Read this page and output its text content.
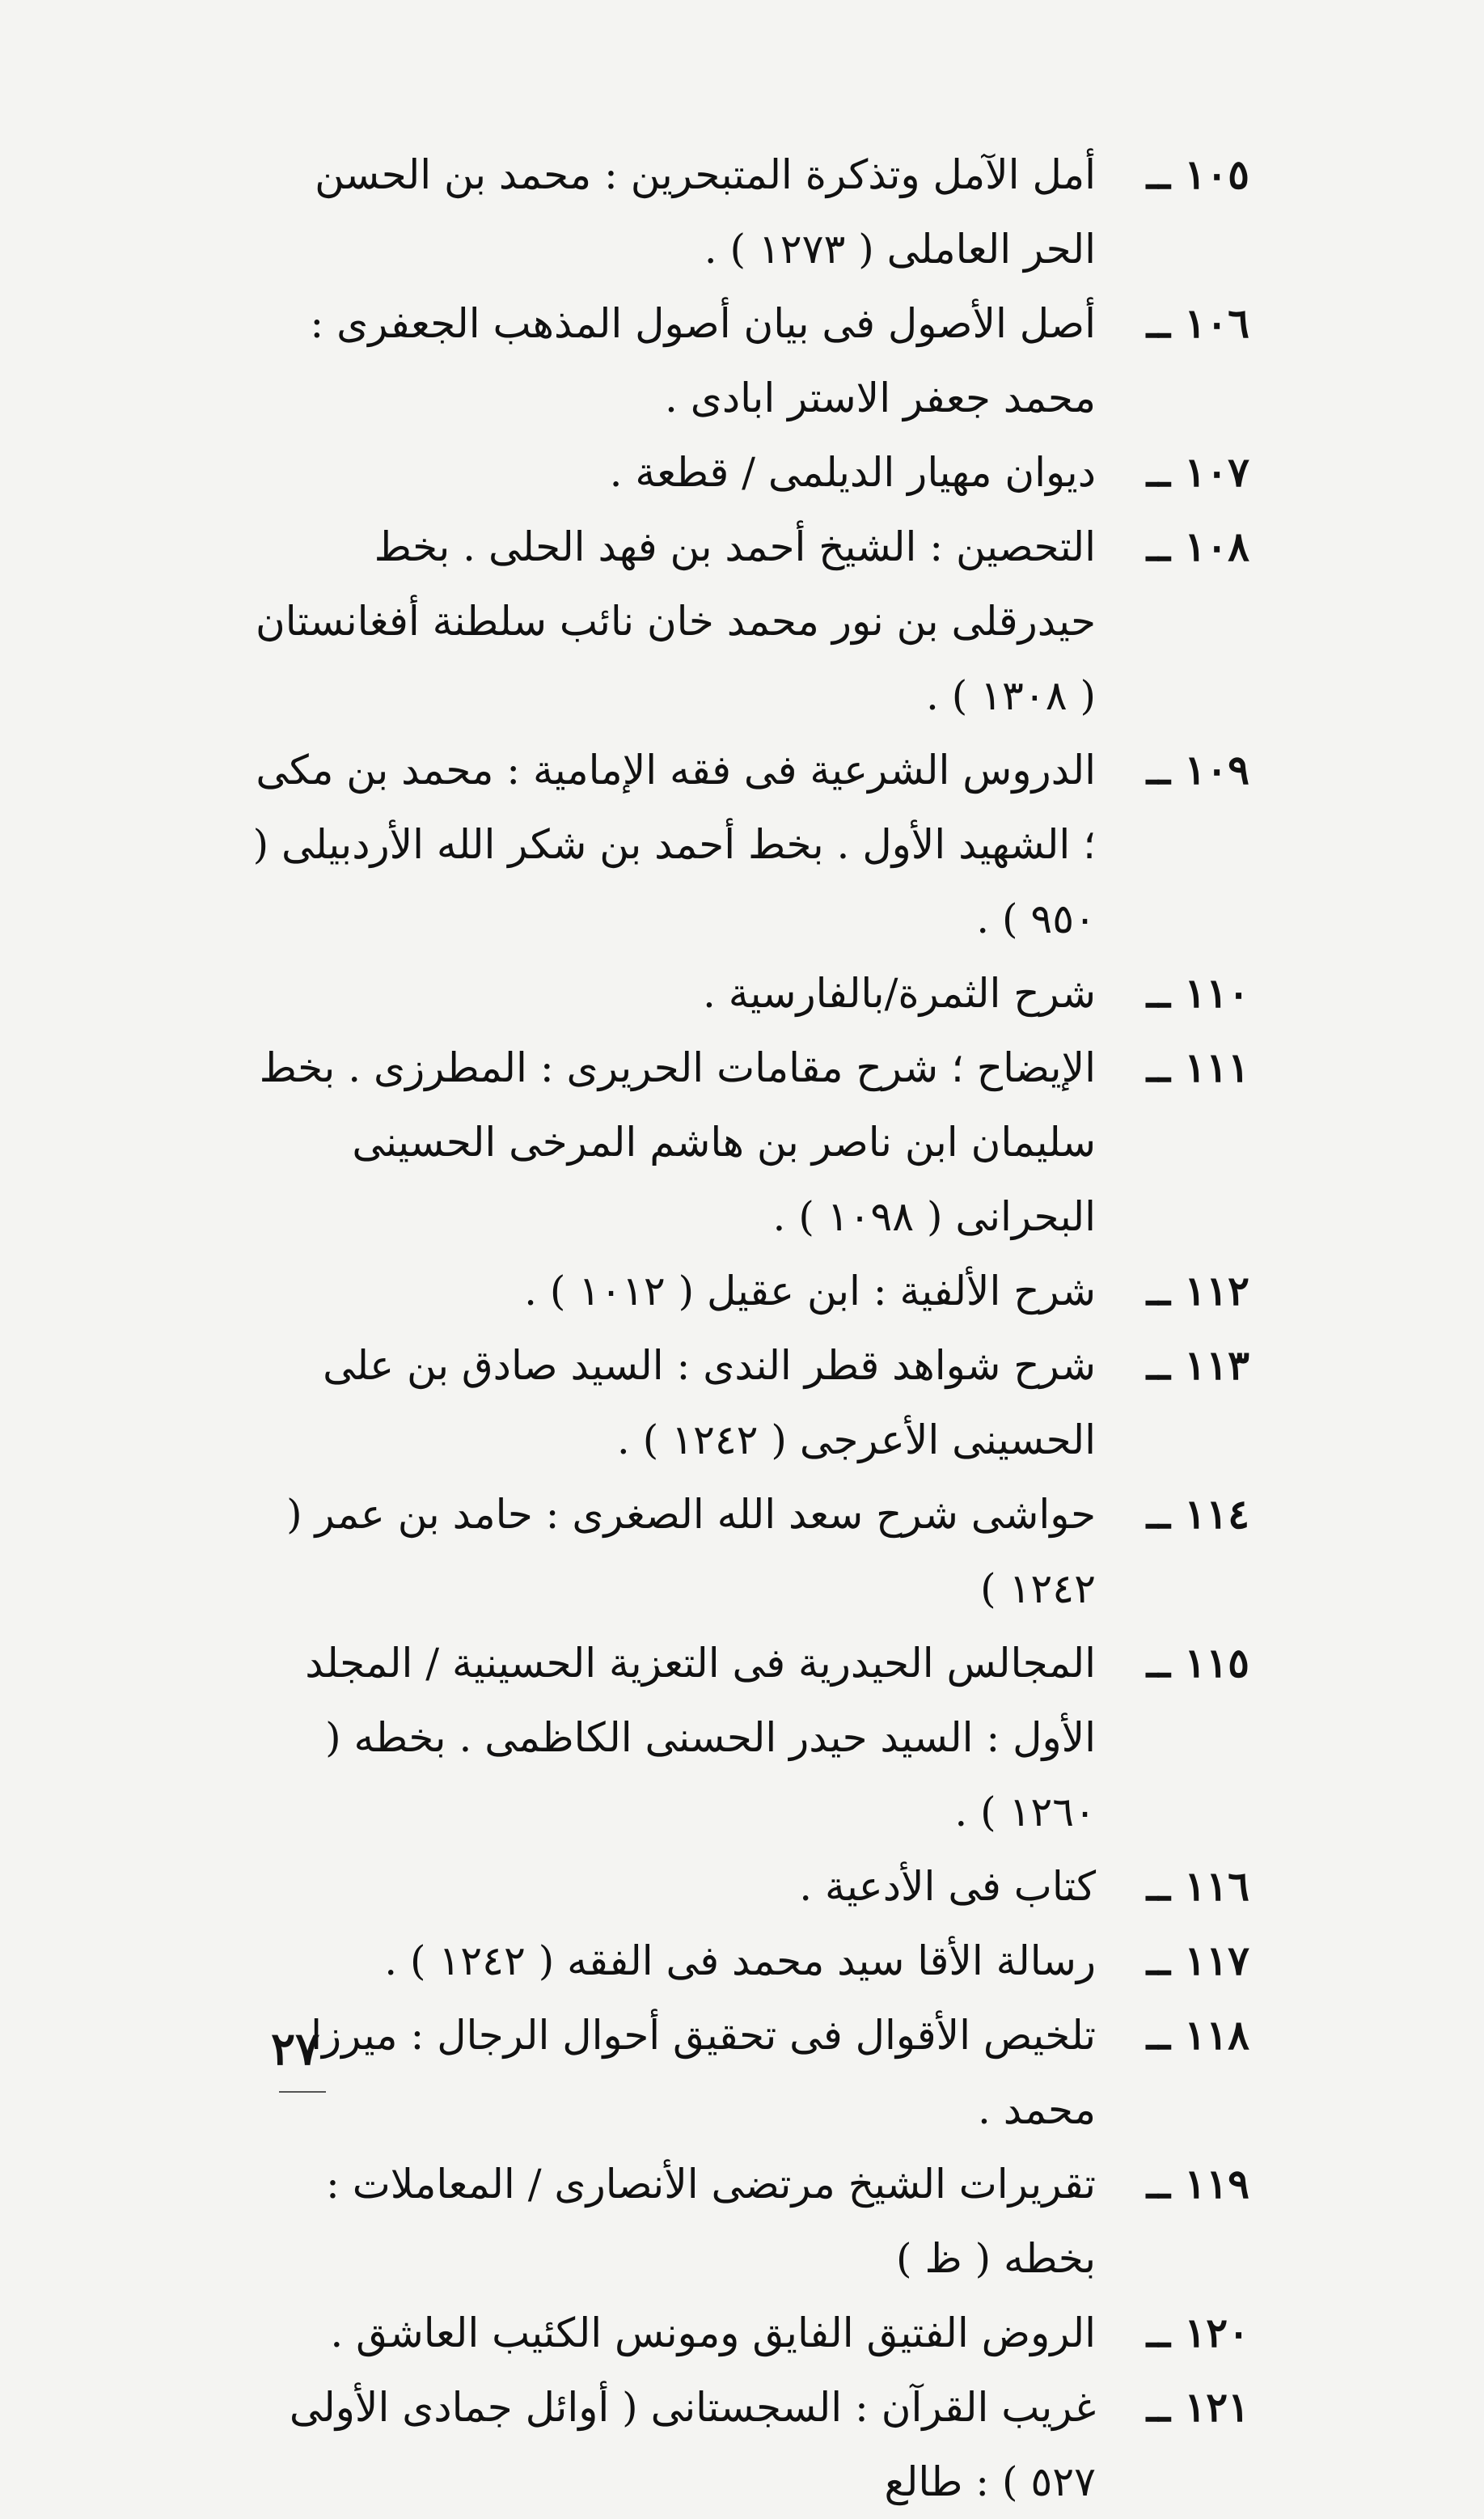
١٠٥ ــ
أمل الآمل وتذكرة المتبحرين : محمد بن الحسن الحر العاملى ( ١٢٧٣ ) .
١٠٦ ــ
أصل الأصول فى بيان أصول المذهب الجعفرى : محمد جعفر الاستر ابادى .
١٠٧ ــ
ديوان مهيار الديلمى / قطعة .
١٠٨ ــ
التحصين : الشيخ أحمد بن فهد الحلى . بخط حيدرقلى بن نور محمد خان نائب سلطنة أفغانستان ( ١٣٠٨ ) .
١٠٩ ــ
الدروس الشرعية فى فقه الإمامية : محمد بن مكى ؛ الشهيد الأول . بخط أحمد بن شكر الله الأردبيلى ( ٩٥٠ ) .
١١٠ ــ
شرح الثمرة/بالفارسية .
١١١ ــ
الإيضاح ؛ شرح مقامات الحريرى : المطرزى . بخط سليمان ابن ناصر بن هاشم المرخى الحسينى البحرانى ( ١٠٩٨ ) .
١١٢ ــ
شرح الألفية : ابن عقيل ( ١٠١٢ ) .
١١٣ ــ
شرح شواهد قطر الندى : السيد صادق بن على الحسينى الأعرجى ( ١٢٤٢ ) .
١١٤ ــ
حواشى شرح سعد الله الصغرى : حامد بن عمر ( ١٢٤٢ )
١١٥ ــ
المجالس الحيدرية فى التعزية الحسينية / المجلد الأول : السيد حيدر الحسنى الكاظمى . بخطه ( ١٢٦٠ ) .
١١٦ ــ
كتاب فى الأدعية .
١١٧ ــ
رسالة الأقا سيد محمد فى الفقه ( ١٢٤٢ ) .
١١٨ ــ
تلخيص الأقوال فى تحقيق أحوال الرجال : ميرزا محمد .
١١٩ ــ
تقريرات الشيخ مرتضى الأنصارى / المعاملات : بخطه ( ظ )
١٢٠ ــ
الروض الفتيق الفايق ومونس الكئيب العاشق .
١٢١ ــ
غريب القرآن : السجستانى ( أوائل جمادى الأولى ٥٢٧ ) : طالع
٢٧
